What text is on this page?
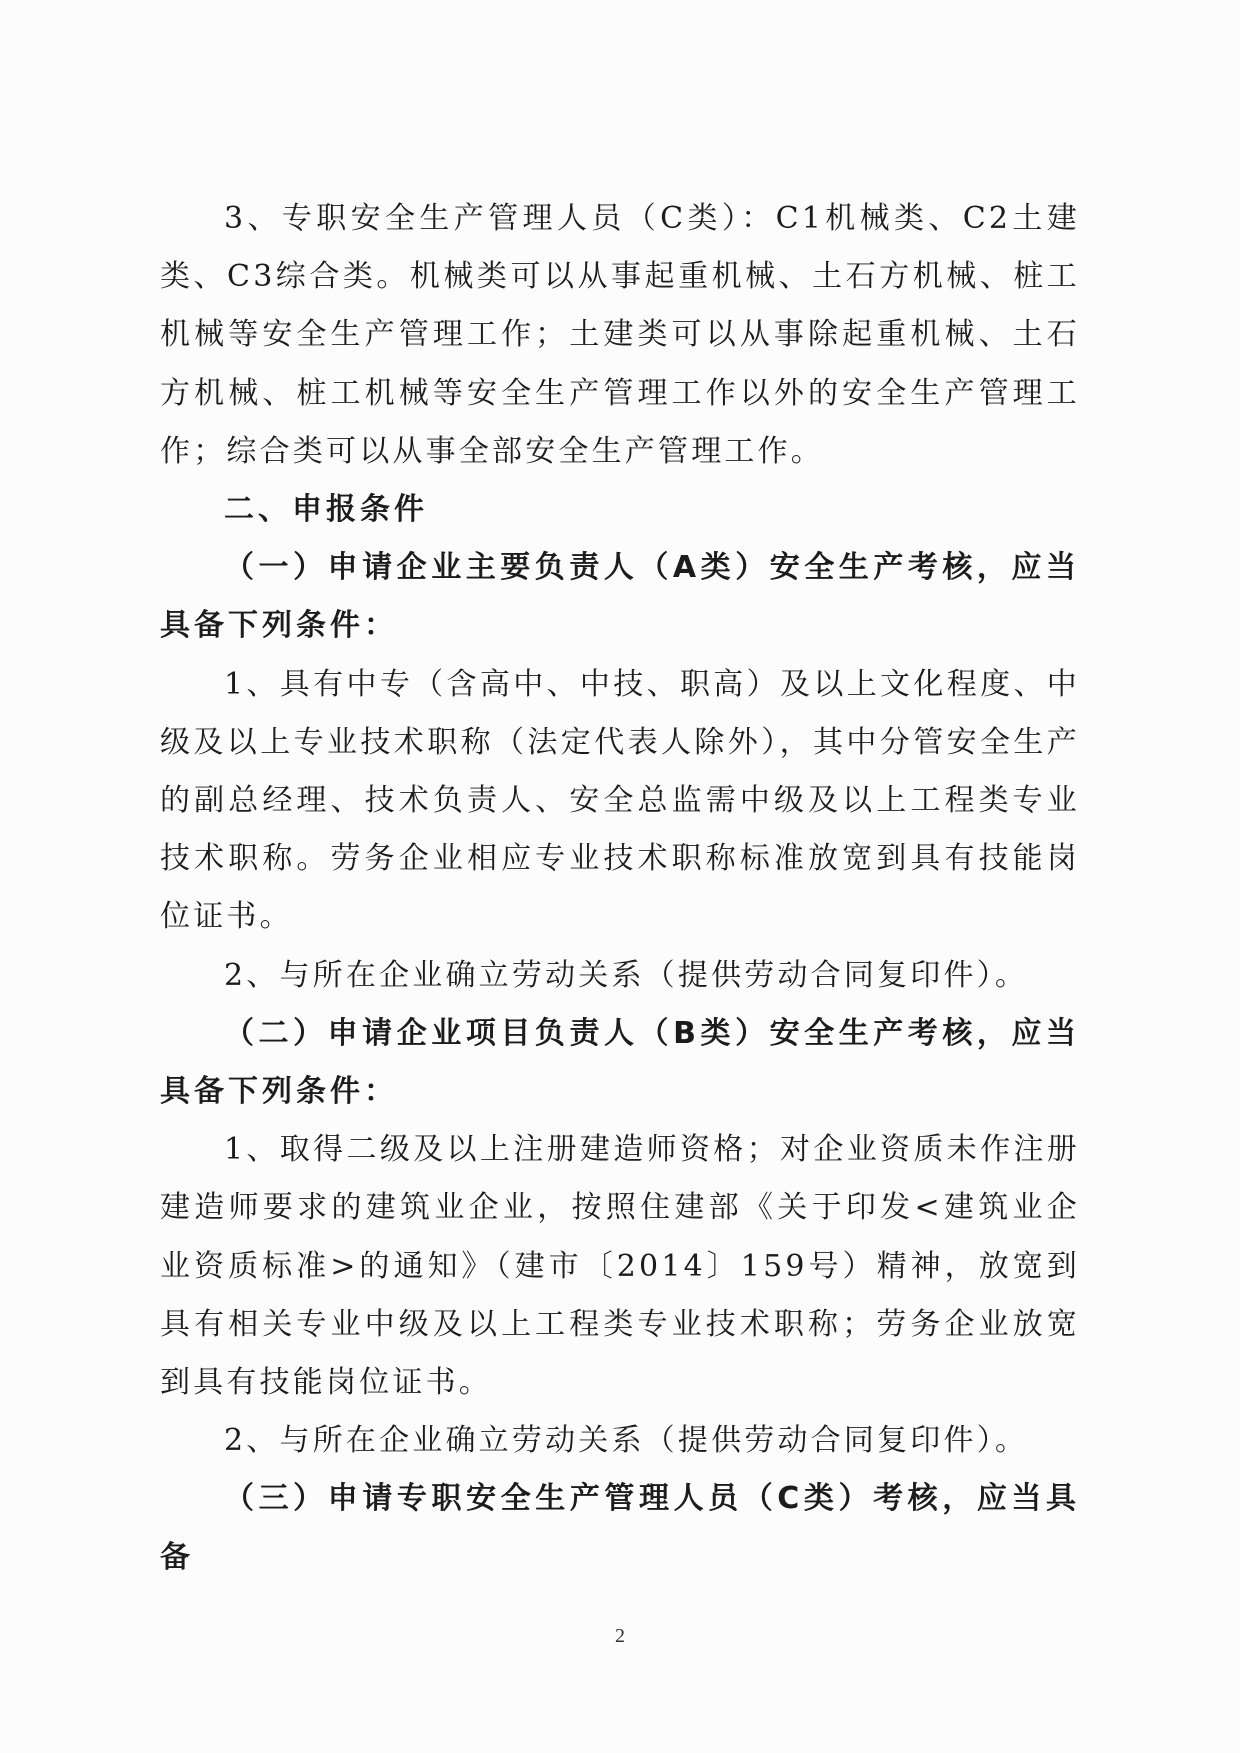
3、专职安全生产管理人员（C类）：C1机械类、C2土建类、C3综合类。机械类可以从事起重机械、土石方机械、桩工机械等安全生产管理工作；土建类可以从事除起重机械、土石方机械、桩工机械等安全生产管理工作以外的安全生产管理工作；综合类可以从事全部安全生产管理工作。

二、申报条件

（一）申请企业主要负责人（A类）安全生产考核，应当具备下列条件：

1、具有中专（含高中、中技、职高）及以上文化程度、中级及以上专业技术职称（法定代表人除外），其中分管安全生产的副总经理、技术负责人、安全总监需中级及以上工程类专业技术职称。劳务企业相应专业技术职称标准放宽到具有技能岗位证书。

2、与所在企业确立劳动关系（提供劳动合同复印件）。

（二）申请企业项目负责人（B类）安全生产考核，应当具备下列条件：

1、取得二级及以上注册建造师资格；对企业资质未作注册建造师要求的建筑业企业，按照住建部《关于印发<建筑业企业资质标准>的通知》（建市〔2014〕159号）精神，放宽到具有相关专业中级及以上工程类专业技术职称；劳务企业放宽到具有技能岗位证书。

2、与所在企业确立劳动关系（提供劳动合同复印件）。

（三）申请专职安全生产管理人员（C类）考核，应当具备

2
